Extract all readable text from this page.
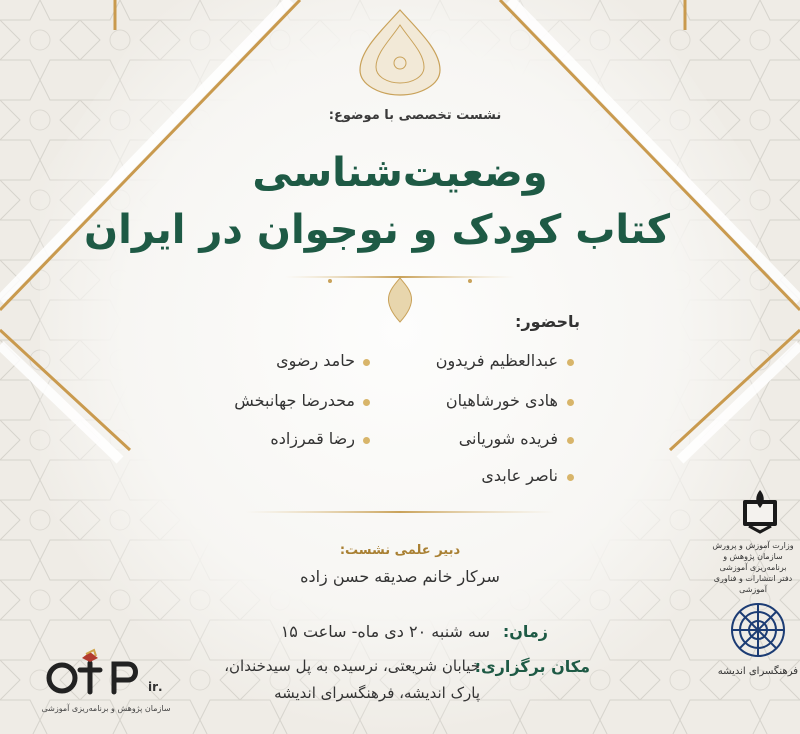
نشست تخصصی با موضوع:
وضعیت‌شناسی
کتاب کودک و نوجوان در ایران
باحضور:
عبدالعظیم فریدون
هادی خورشاهیان
فریده شوریانی
ناصر عابدی
حامد رضوی
محدرضا جهانبخش
رضا قمرزاده
دبیر علمی نشست:
سرکار خانم صدیقه حسن زاده
زمان:
سه شنبه ۲۰ دی ماه- ساعت ۱۵
مکان برگزاری:
خیابان شریعتی، نرسیده به پل سیدخندان،
پارک اندیشه، فرهنگسرای اندیشه
.ir
سازمان پژوهش و برنامه‌ریزی آموزشی
وزارت آموزش و پرورش سازمان پژوهش و برنامه‌ریزی آموزشی دفتر انتشارات و فناوری آموزشی
فرهنگسرای اندیشه
